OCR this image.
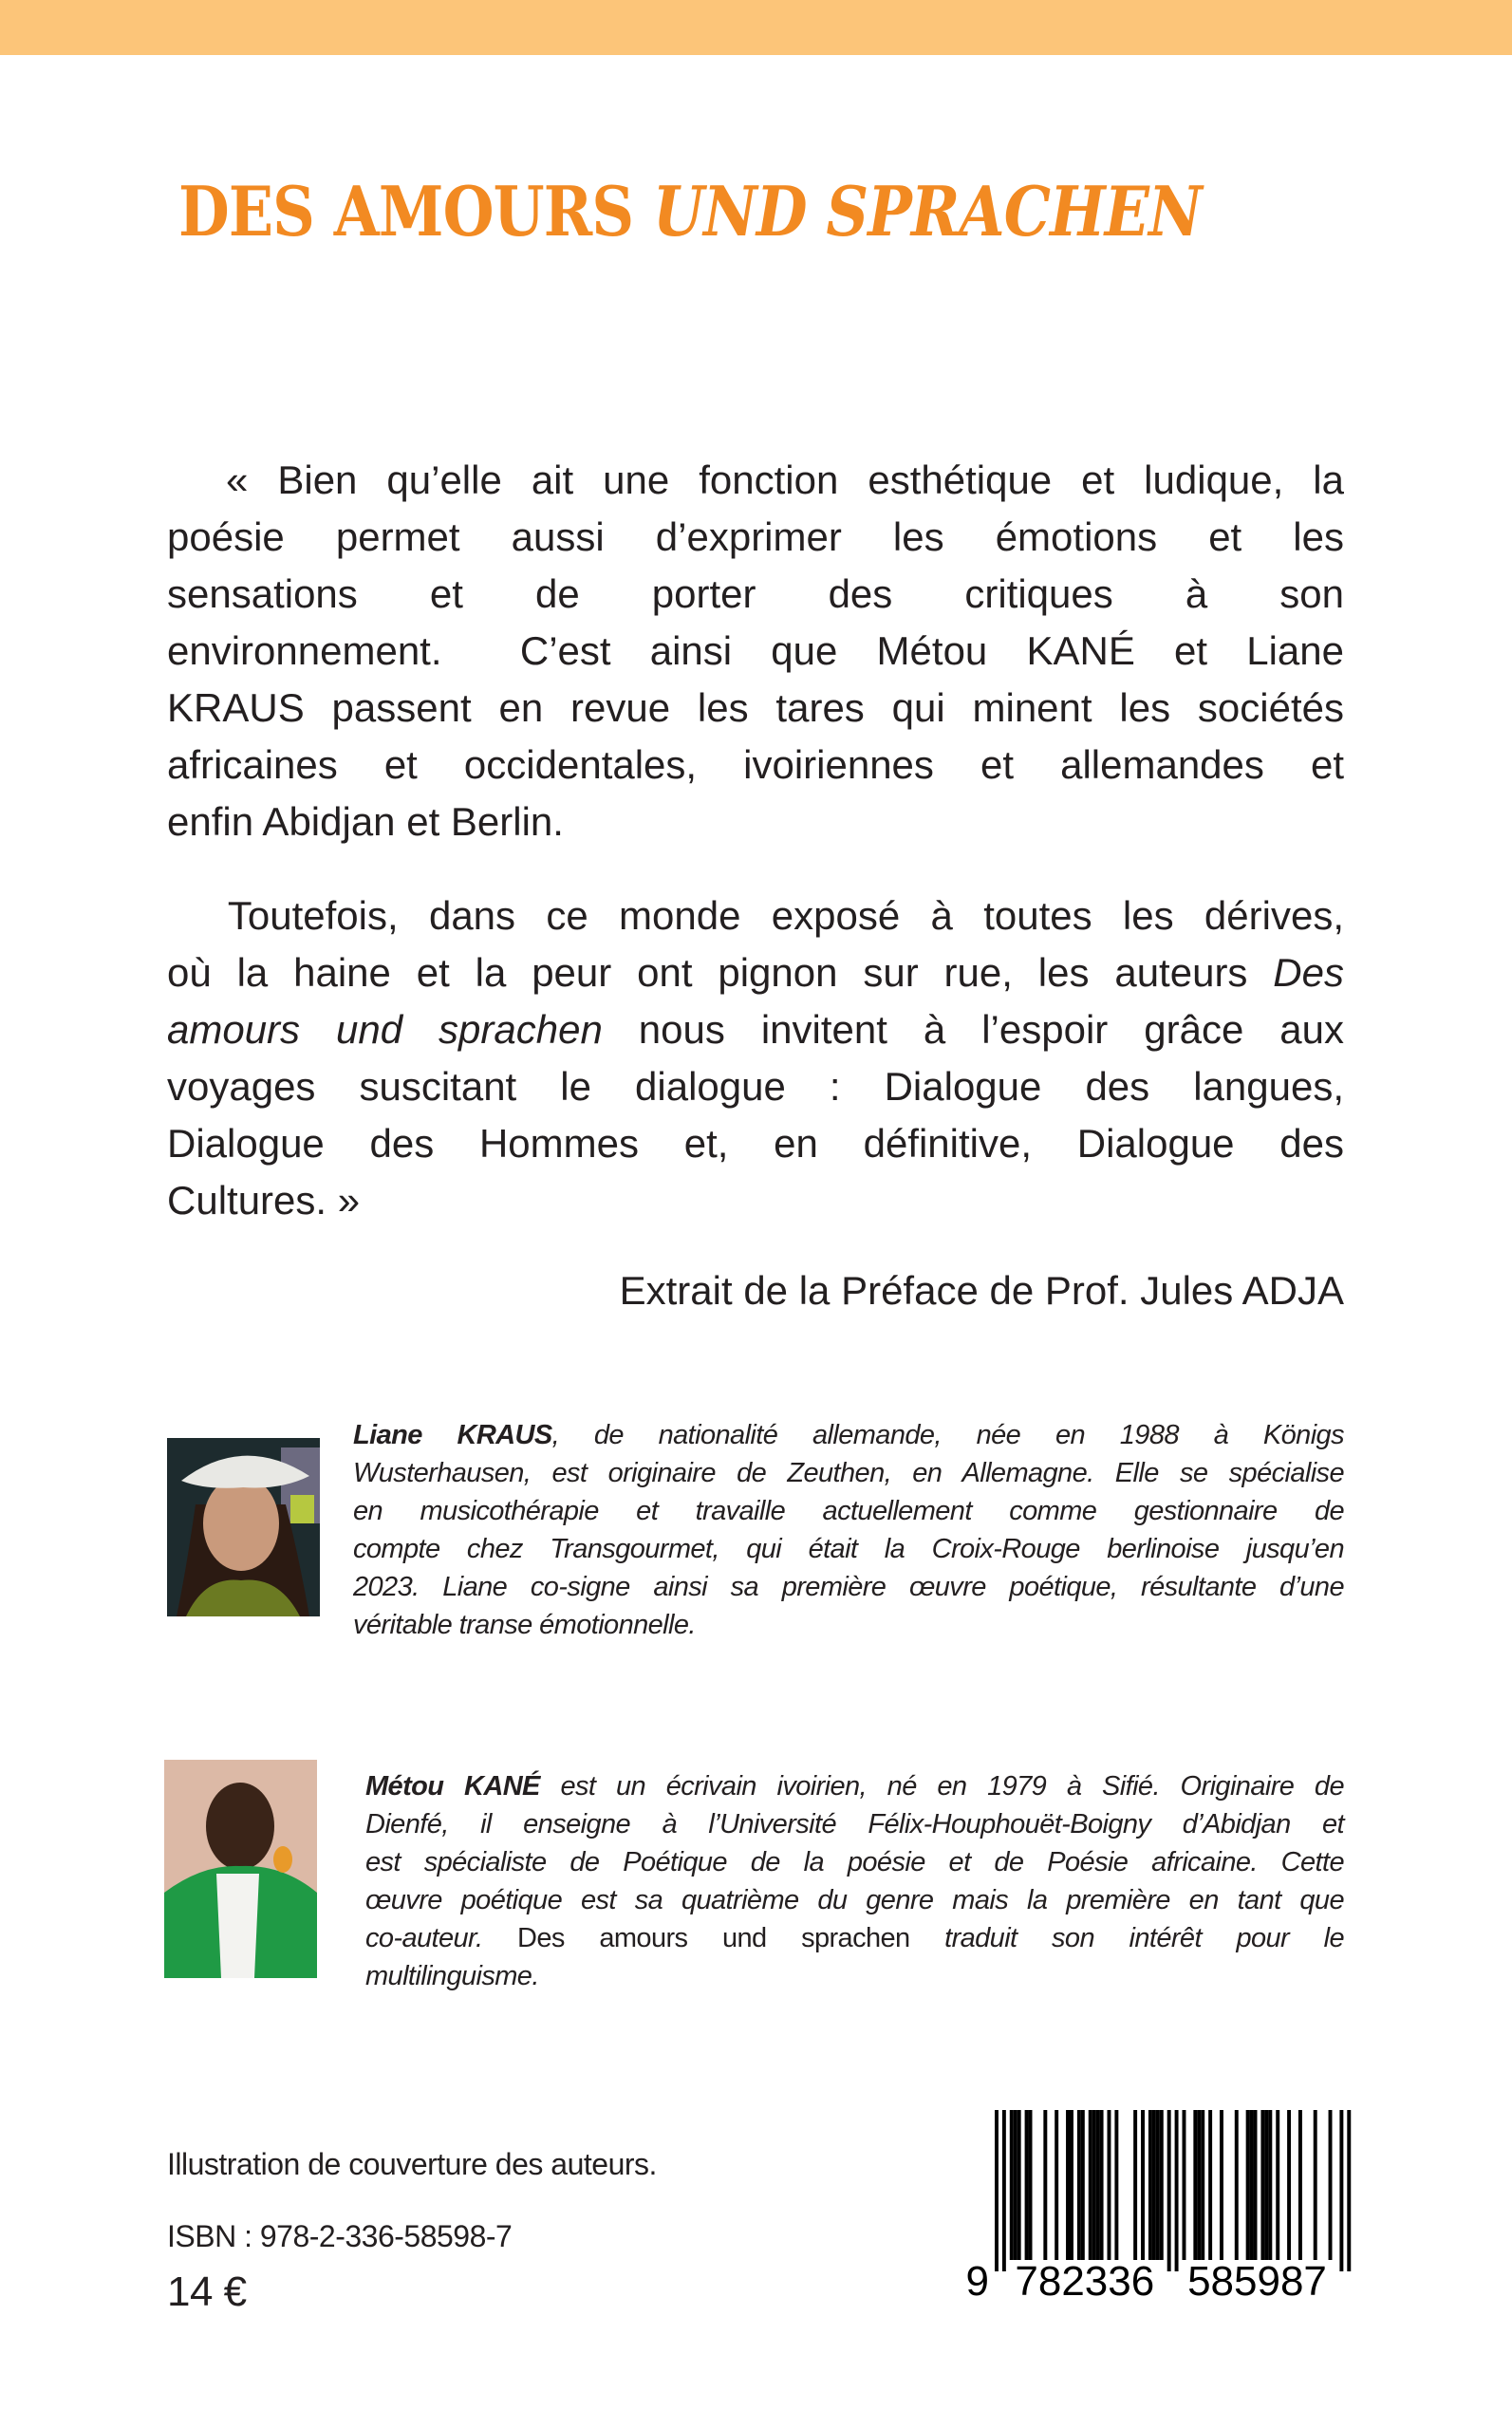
DES AMOURS UND SPRACHEN
« Bien qu’elle ait une fonction esthétique et ludique, la
poésie permet aussi d’exprimer les émotions et les
sensations et de porter des critiques à son
environnement.  C’est ainsi que Métou KANÉ et Liane
KRAUS passent en revue les tares qui minent les sociétés
africaines et occidentales, ivoiriennes et allemandes et
enfin Abidjan et Berlin.
Toutefois, dans ce monde exposé à toutes les dérives,
où la haine et la peur ont pignon sur rue, les auteurs Des
amours und sprachen nous invitent à l’espoir grâce aux
voyages suscitant le dialogue : Dialogue des langues,
Dialogue des Hommes et, en définitive, Dialogue des
Cultures. »
Extrait de la Préface de Prof. Jules ADJA
Liane KRAUS, de nationalité allemande, née en 1988 à Königs
Wusterhausen, est originaire de Zeuthen, en Allemagne. Elle se spécialise
en musicothérapie et travaille actuellement comme gestionnaire de
compte chez Transgourmet, qui était la Croix-Rouge berlinoise jusqu’en
2023. Liane co-signe ainsi sa première œuvre poétique, résultante d’une
véritable transe émotionnelle.
Métou KANÉ est un écrivain ivoirien, né en 1979 à Sifié. Originaire de
Dienfé, il enseigne à l’Université Félix-Houphouët-Boigny d’Abidjan et
est spécialiste de Poétique de la poésie et de Poésie africaine. Cette
œuvre poétique est sa quatrième du genre mais la première en tant que
co-auteur. Des amours und sprachen traduit son intérêt pour le
multilinguisme.
Illustration de couverture des auteurs.
ISBN : 978-2-336-58598-7
14 €	9 782336 585987
